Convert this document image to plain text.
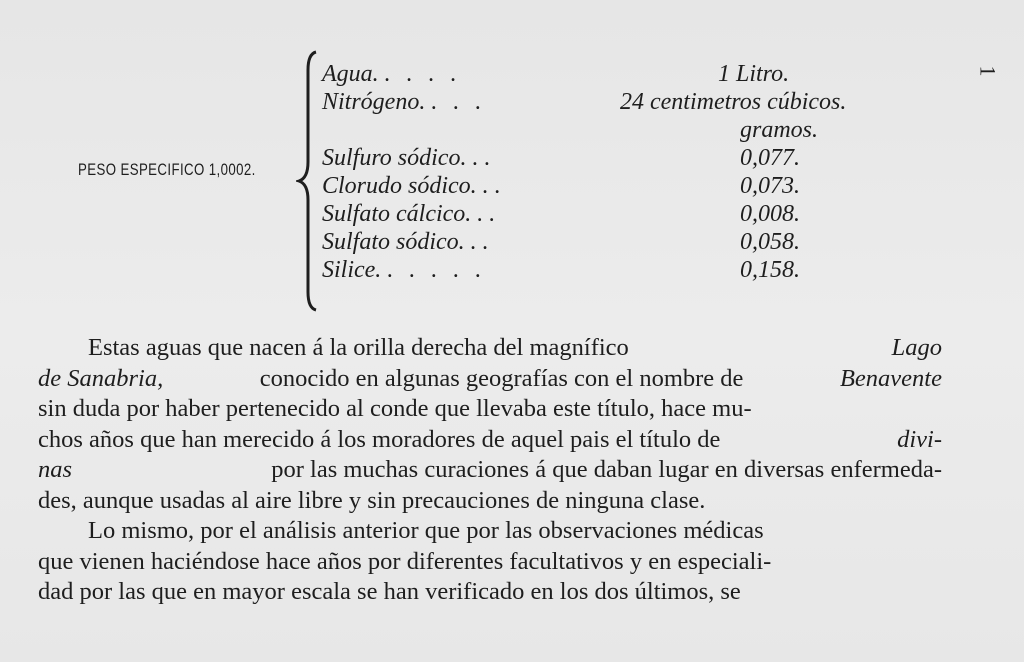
1
PESO ESPECIFICO 1,0002.
Agua. . . . .	1 Litro.
Nitrógeno. . . .	24 centimetros cúbicos.
gramos.
Sulfuro sódico. . .	0,077.
Clorudo sódico. . .	0,073.
Sulfato cálcico. . .	0,008.
Sulfato sódico. . .	0,058.
Silice. . . . . .	0,158.
Estas aguas que nacen á la orilla derecha del magnífico	Lago
de Sanabria,	conocido en algunas geografías con el nombre de	Benavente
sin duda por haber pertenecido al conde que llevaba este título, hace mu-
chos años que han merecido á los moradores de aquel pais el título de	divi-
nas	por las muchas curaciones á que daban lugar en diversas enfermeda-
des, aunque usadas al aire libre y sin precauciones de ninguna clase.
Lo mismo, por el análisis anterior que por las observaciones médicas
que vienen haciéndose hace años por diferentes facultativos y en especiali-
dad por las que en mayor escala se han verificado en los dos últimos, se
